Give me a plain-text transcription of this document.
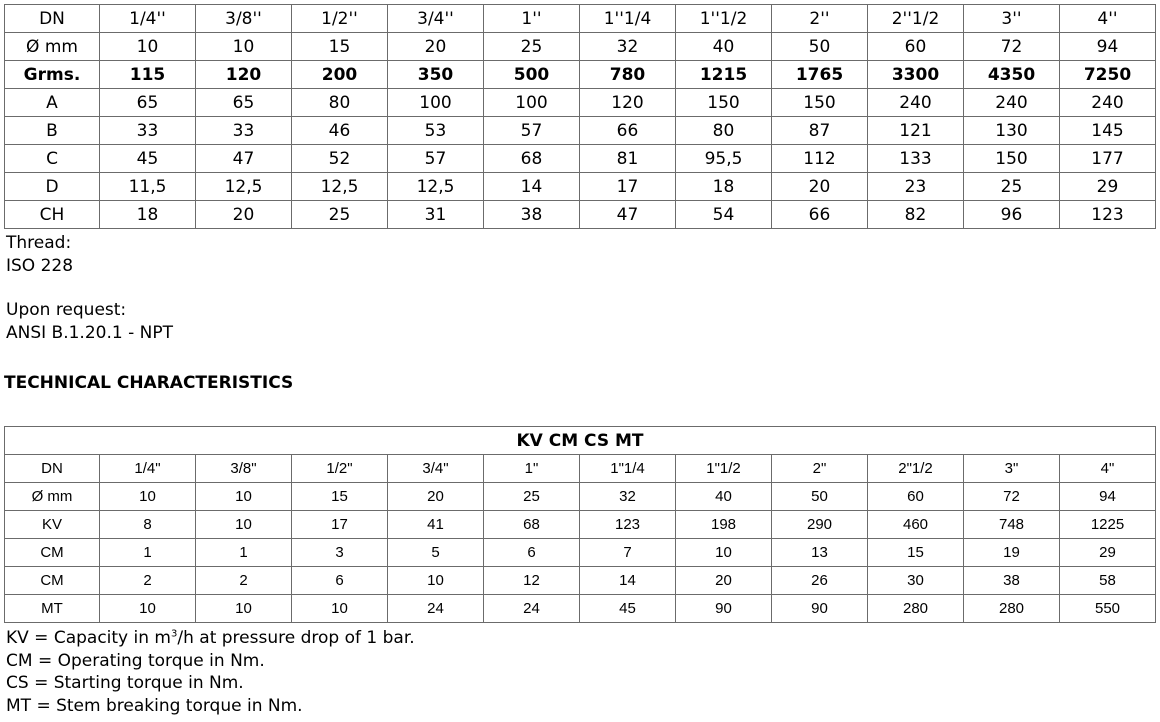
DN	1/4''	3/8''	1/2''	3/4''	1''	1''1/4	1''1/2	2''	2''1/2	3''	4''
Ø mm	10	10	15	20	25	32	40	50	60	72	94
Grms.	115	120	200	350	500	780	1215	1765	3300	4350	7250
A	65	65	80	100	100	120	150	150	240	240	240
B	33	33	46	53	57	66	80	87	121	130	145
C	45	47	52	57	68	81	95,5	112	133	150	177
D	11,5	12,5	12,5	12,5	14	17	18	20	23	25	29
CH	18	20	25	31	38	47	54	66	82	96	123
Thread:
ISO 228
Upon request:
ANSI B.1.20.1 - NPT
TECHNICAL CHARACTERISTICS
KV CM CS MT											
DN	1/4"	3/8"	1/2"	3/4"	1"	1"1/4	1"1/2	2"	2"1/2	3"	4"
Ø mm	10	10	15	20	25	32	40	50	60	72	94
KV	8	10	17	41	68	123	198	290	460	748	1225
CM	1	1	3	5	6	7	10	13	15	19	29
CM	2	2	6	10	12	14	20	26	30	38	58
MT	10	10	10	24	24	45	90	90	280	280	550
KV = Capacity in $m^3/h$ at pressure drop of 1 bar.
CM = Operating torque in Nm.
CS = Starting torque in Nm.
MT = Stem breaking torque in Nm.
